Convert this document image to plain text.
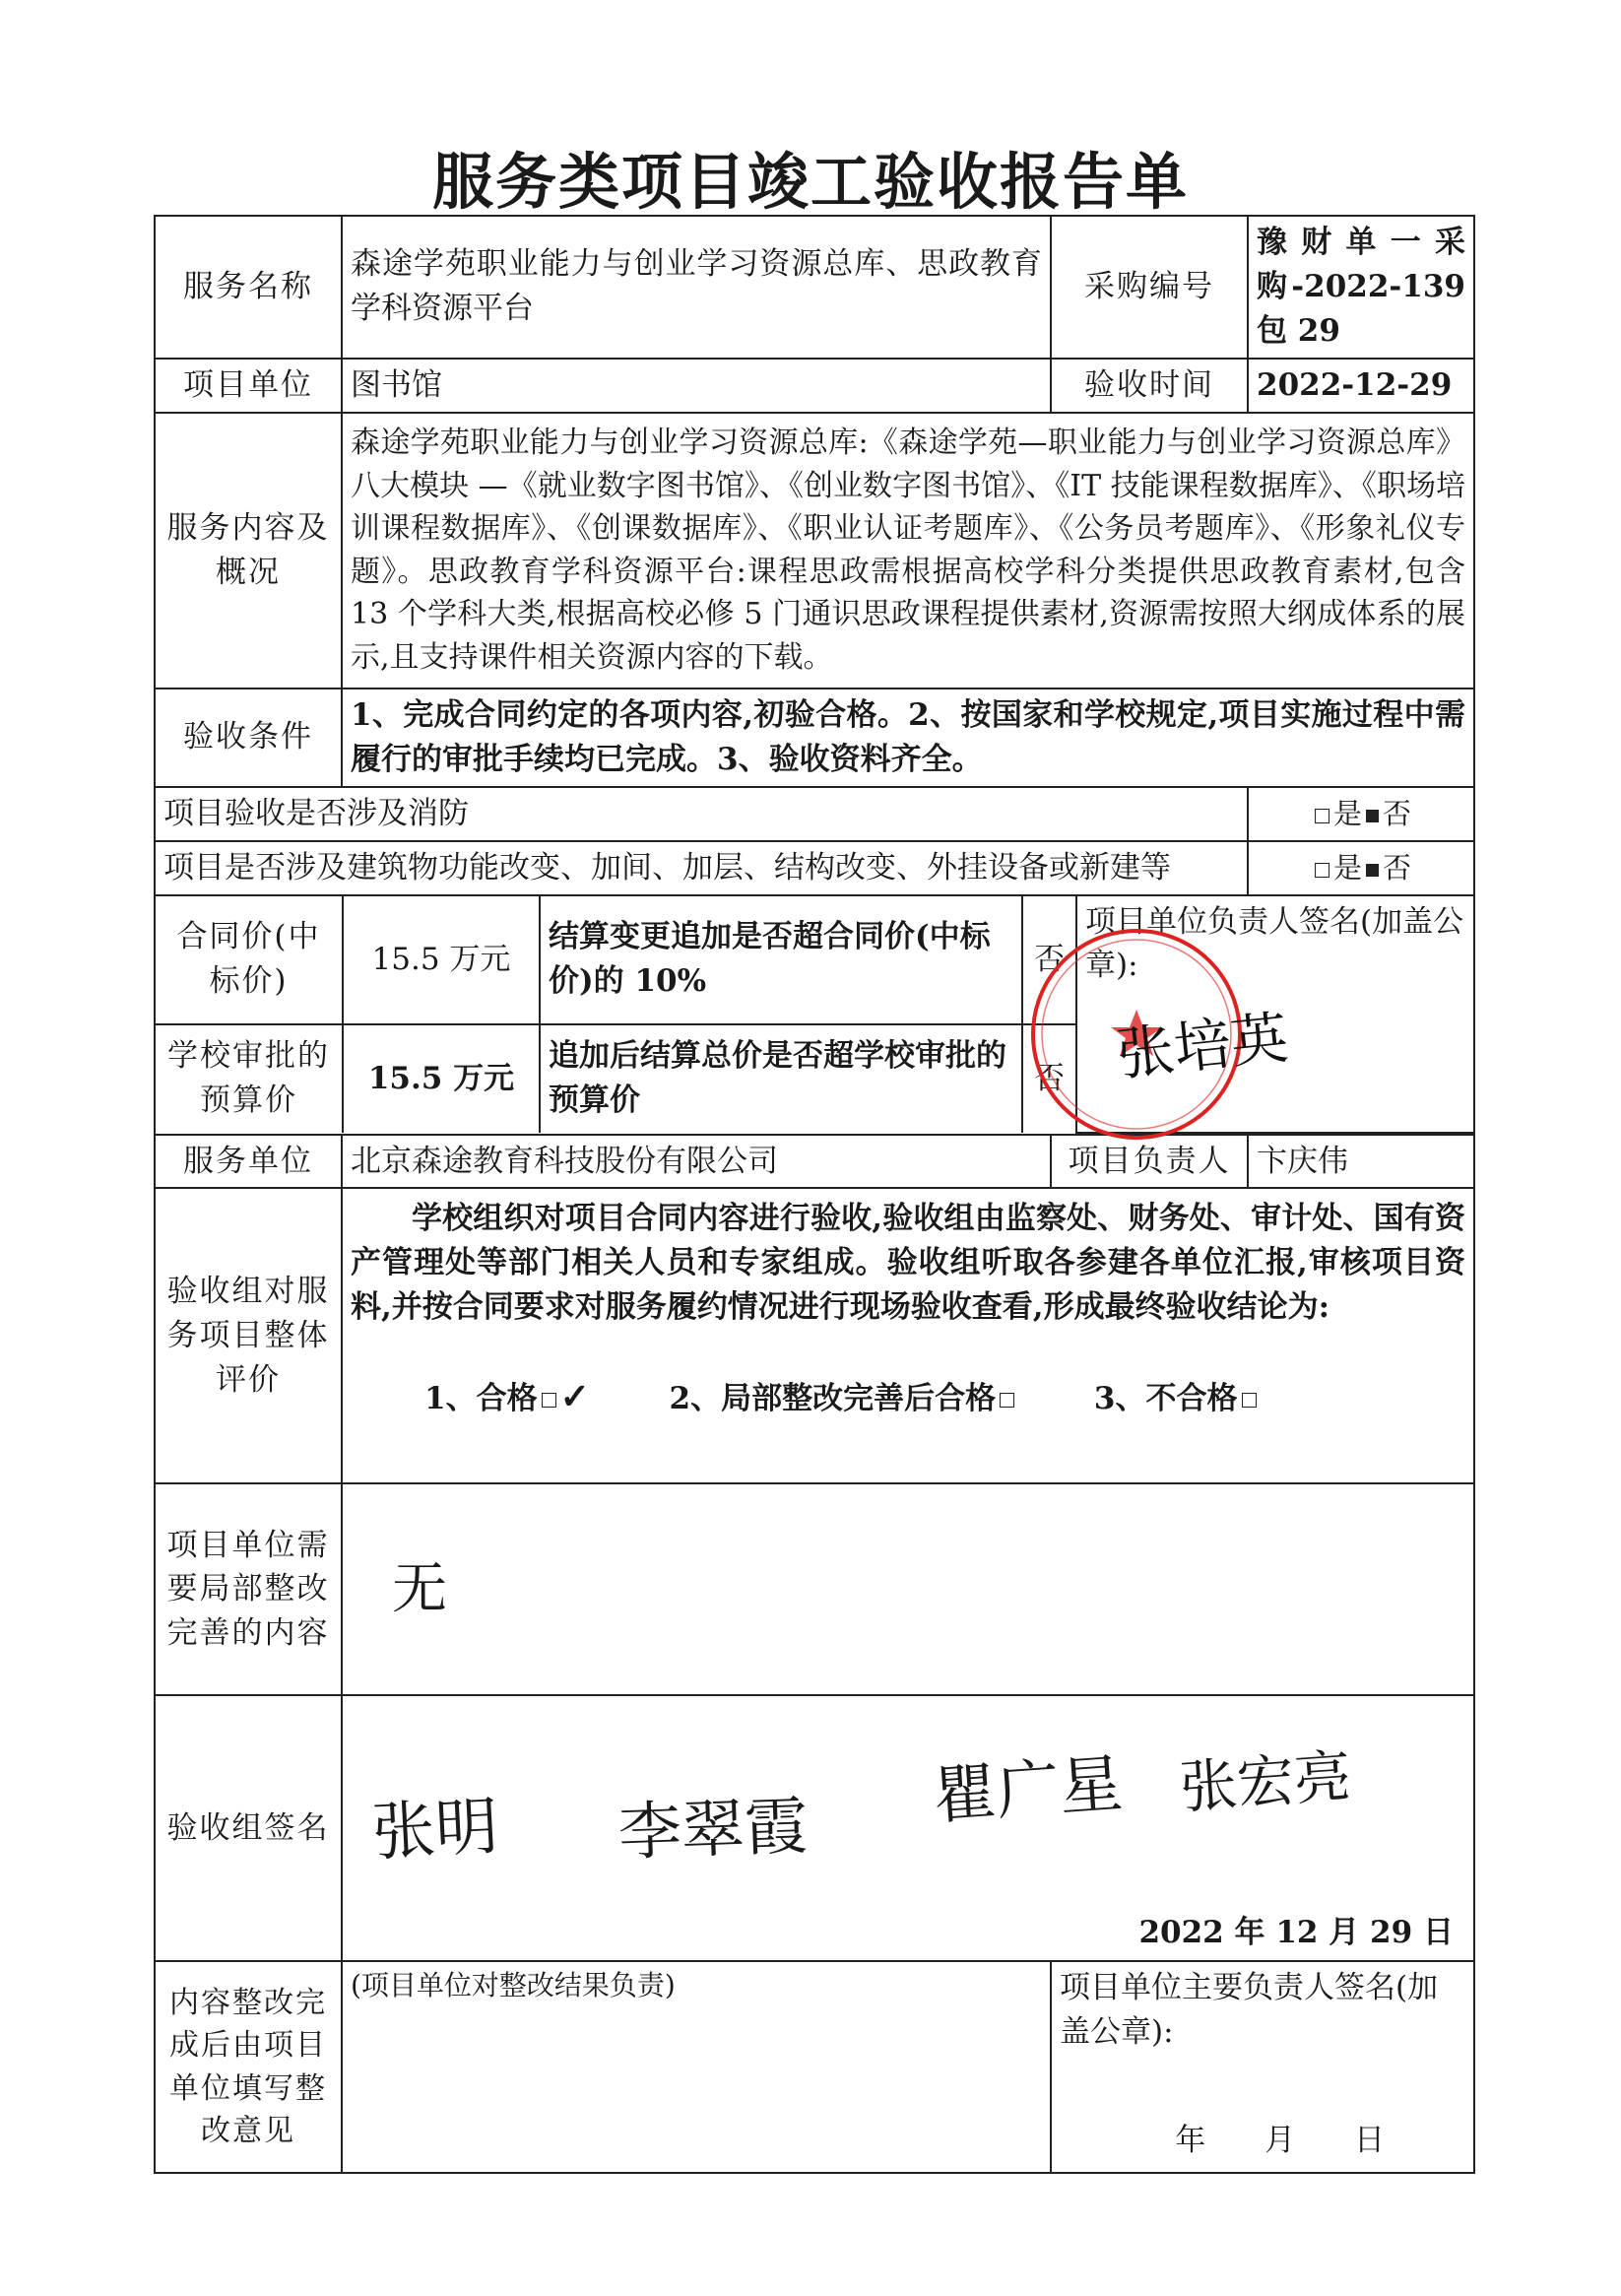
服务类项目竣工验收报告单
服务名称	森途学苑职业能力与创业学习资源总库、思政教育学科资源平台	采购编号	豫财单一采购-2022-139 包 29
项目单位	图书馆	验收时间	2022-12-29
服务内容及概况	森途学苑职业能力与创业学习资源总库:《森途学苑—职业能力与创业学习资源总库》八大模块 —《就业数字图书馆》、《创业数字图书馆》、《IT 技能课程数据库》、《职场培训课程数据库》、《创课数据库》、《职业认证考题库》、《公务员考题库》、《形象礼仪专题》。思政教育学科资源平台:课程思政需根据高校学科分类提供思政教育素材,包含 13 个学科大类,根据高校必修 5 门通识思政课程提供素材,资源需按照大纲成体系的展示,且支持课件相关资源内容的下载。
验收条件	1、完成合同约定的各项内容,初验合格。2、按国家和学校规定,项目实施过程中需履行的审批手续均已完成。3、验收资料齐全。
项目验收是否涉及消防	是 否
项目是否涉及建筑物功能改变、加间、加层、结构改变、外挂设备或新建等	是 否

合同价(中标价)	15.5 万元	结算变更追加是否超合同价(中标价)的 10%	否	
项目单位负责人签名(加盖公章):
张培英

学校审批的预算价	15.5 万元	追加后结算总价是否超学校审批的预算价	否

服务单位	北京森途教育科技股份有限公司	项目负责人	卞庆伟
验收组对服务项目整体评价	
学校组织对项目合同内容进行验收,验收组由监察处、财务处、审计处、国有资产管理处等部门相关人员和专家组成。验收组听取各参建各单位汇报,审核项目资料,并按合同要求对服务履约情况进行现场验收查看,形成最终验收结论为:
1、合格 ✓	2、局部整改完善后合格	3、不合格

项目单位需要局部整改完善的内容	无
验收组签名	张明 李翠霞 瞿广星 张宏亮
2022 年 12 月 29 日

内容整改完成后由项目单位填写整改意见	(项目单位对整改结果负责)	项目单位主要负责人签名(加盖公章):
年 月 日
